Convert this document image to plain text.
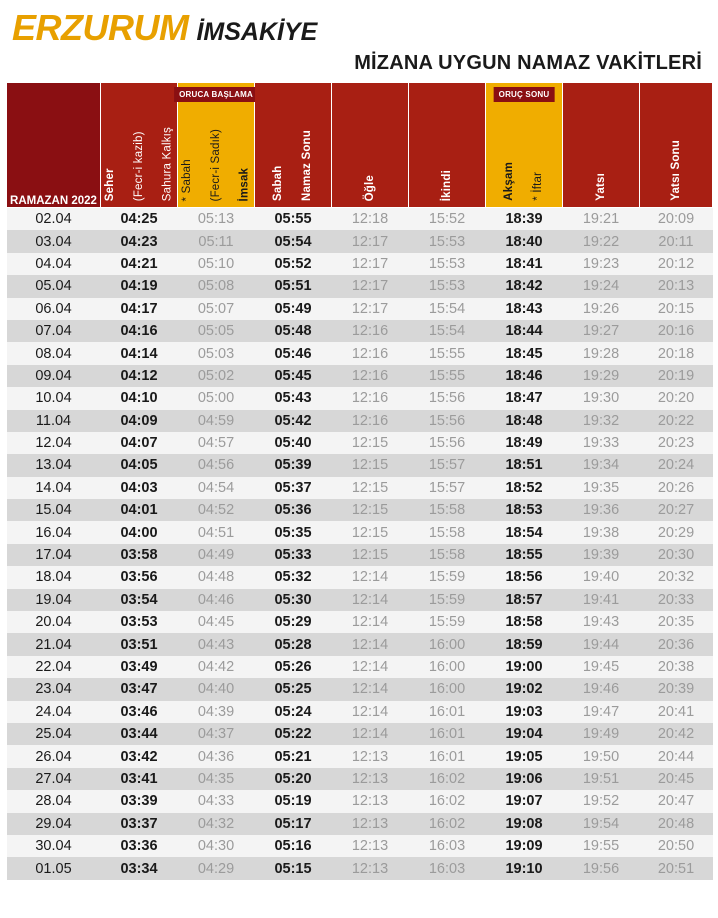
ERZURUM İMSAKİYE
MİZANA UYGUN NAMAZ VAKİTLERİ
RAMAZAN 2022	Seher (Fecr-i kazib) Sahura Kalkış

ORUCA BAŞLAMA
* Sabah (Fecr-i Sadık) İmsak	Sabah Namaz Sonu	Öğle	İkindi

ORUÇ SONU
Akşam * İftar	Yatsı	Yatsı Sonu

02.04	04:25	05:13	05:55	12:18	15:52	18:39	19:21	20:09
03.04	04:23	05:11	05:54	12:17	15:53	18:40	19:22	20:11
04.04	04:21	05:10	05:52	12:17	15:53	18:41	19:23	20:12
05.04	04:19	05:08	05:51	12:17	15:53	18:42	19:24	20:13
06.04	04:17	05:07	05:49	12:17	15:54	18:43	19:26	20:15
07.04	04:16	05:05	05:48	12:16	15:54	18:44	19:27	20:16
08.04	04:14	05:03	05:46	12:16	15:55	18:45	19:28	20:18
09.04	04:12	05:02	05:45	12:16	15:55	18:46	19:29	20:19
10.04	04:10	05:00	05:43	12:16	15:56	18:47	19:30	20:20
11.04	04:09	04:59	05:42	12:16	15:56	18:48	19:32	20:22
12.04	04:07	04:57	05:40	12:15	15:56	18:49	19:33	20:23
13.04	04:05	04:56	05:39	12:15	15:57	18:51	19:34	20:24
14.04	04:03	04:54	05:37	12:15	15:57	18:52	19:35	20:26
15.04	04:01	04:52	05:36	12:15	15:58	18:53	19:36	20:27
16.04	04:00	04:51	05:35	12:15	15:58	18:54	19:38	20:29
17.04	03:58	04:49	05:33	12:15	15:58	18:55	19:39	20:30
18.04	03:56	04:48	05:32	12:14	15:59	18:56	19:40	20:32
19.04	03:54	04:46	05:30	12:14	15:59	18:57	19:41	20:33
20.04	03:53	04:45	05:29	12:14	15:59	18:58	19:43	20:35
21.04	03:51	04:43	05:28	12:14	16:00	18:59	19:44	20:36
22.04	03:49	04:42	05:26	12:14	16:00	19:00	19:45	20:38
23.04	03:47	04:40	05:25	12:14	16:00	19:02	19:46	20:39
24.04	03:46	04:39	05:24	12:14	16:01	19:03	19:47	20:41
25.04	03:44	04:37	05:22	12:14	16:01	19:04	19:49	20:42
26.04	03:42	04:36	05:21	12:13	16:01	19:05	19:50	20:44
27.04	03:41	04:35	05:20	12:13	16:02	19:06	19:51	20:45
28.04	03:39	04:33	05:19	12:13	16:02	19:07	19:52	20:47
29.04	03:37	04:32	05:17	12:13	16:02	19:08	19:54	20:48
30.04	03:36	04:30	05:16	12:13	16:03	19:09	19:55	20:50
01.05	03:34	04:29	05:15	12:13	16:03	19:10	19:56	20:51
